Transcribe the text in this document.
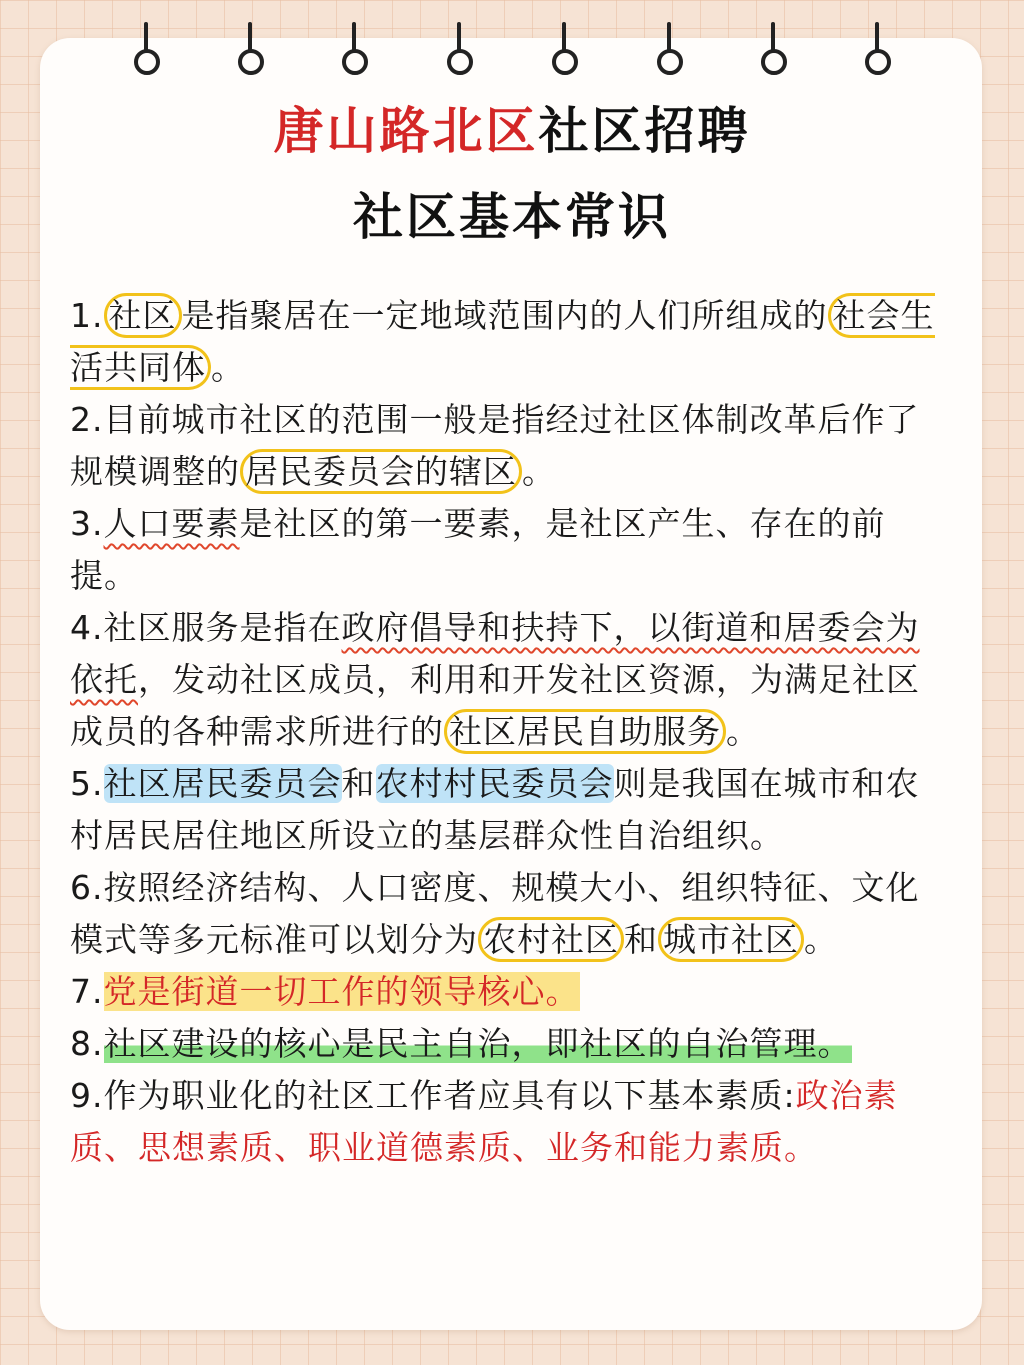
唐山路北区社区招聘
社区基本常识

1. 社区 是指聚居在一定地域范围内的人们所组成的 社会生活共同体 。

2.目前城市社区的范围一般是指经过社区体制改革后作了规模调整的 居民委员会的辖区 。

3.人口要素是社区的第一要素，是社区产生、存在的前提。

4.社区服务是指在政府倡导和扶持下，以街道和居委会为依托，发动社区成员，利用和开发社区资源，为满足社区成员的各种需求所进行的 社区居民自助服务 。

5.社区居民委员会和农村村民委员会则是我国在城市和农村居民居住地区所设立的基层群众性自治组织。

6.按照经济结构、人口密度、规模大小、组织特征、文化模式等多元标准可以划分为 农村社区 和 城市社区 。

7.党是街道一切工作的领导核心。

8.社区建设的核心是民主自治，即社区的自治管理。

9.作为职业化的社区工作者应具有以下基本素质:政治素质、思想素质、职业道德素质、业务和能力素质。
